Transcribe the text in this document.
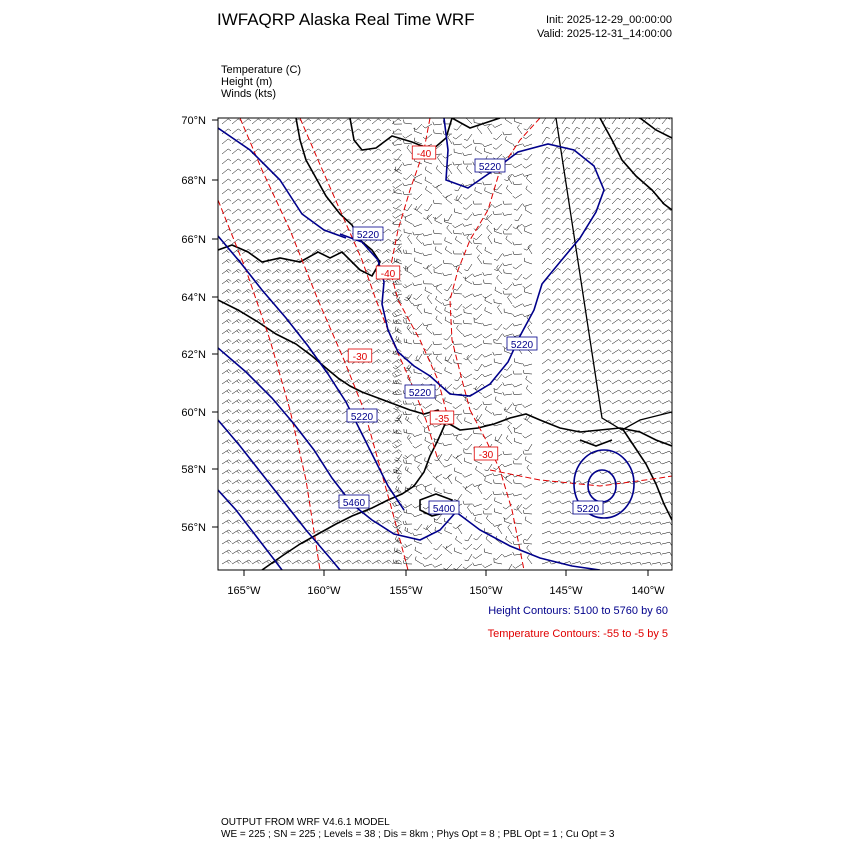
IWFAQRP Alaska Real Time WRF	Init: 2025-12-29_00:00:00
Valid: 2025-12-31_14:00:00
Temperature (C)
Height (m)
Winds (kts)
5220
5220
5220
5220
5220
5220
5460
5400
-40
-40
-30
-30
-35
70°N
68°N
66°N
64°N
62°N
60°N
58°N
56°N
165°W	160°W	155°W	150°W	145°W	140°W
Height Contours: 5100 to 5760 by 60
Temperature Contours: -55 to -5 by 5
OUTPUT FROM WRF V4.6.1 MODEL
WE = 225 ; SN = 225 ; Levels = 38 ; Dis = 8km ; Phys Opt = 8 ; PBL Opt = 1 ; Cu Opt = 3
